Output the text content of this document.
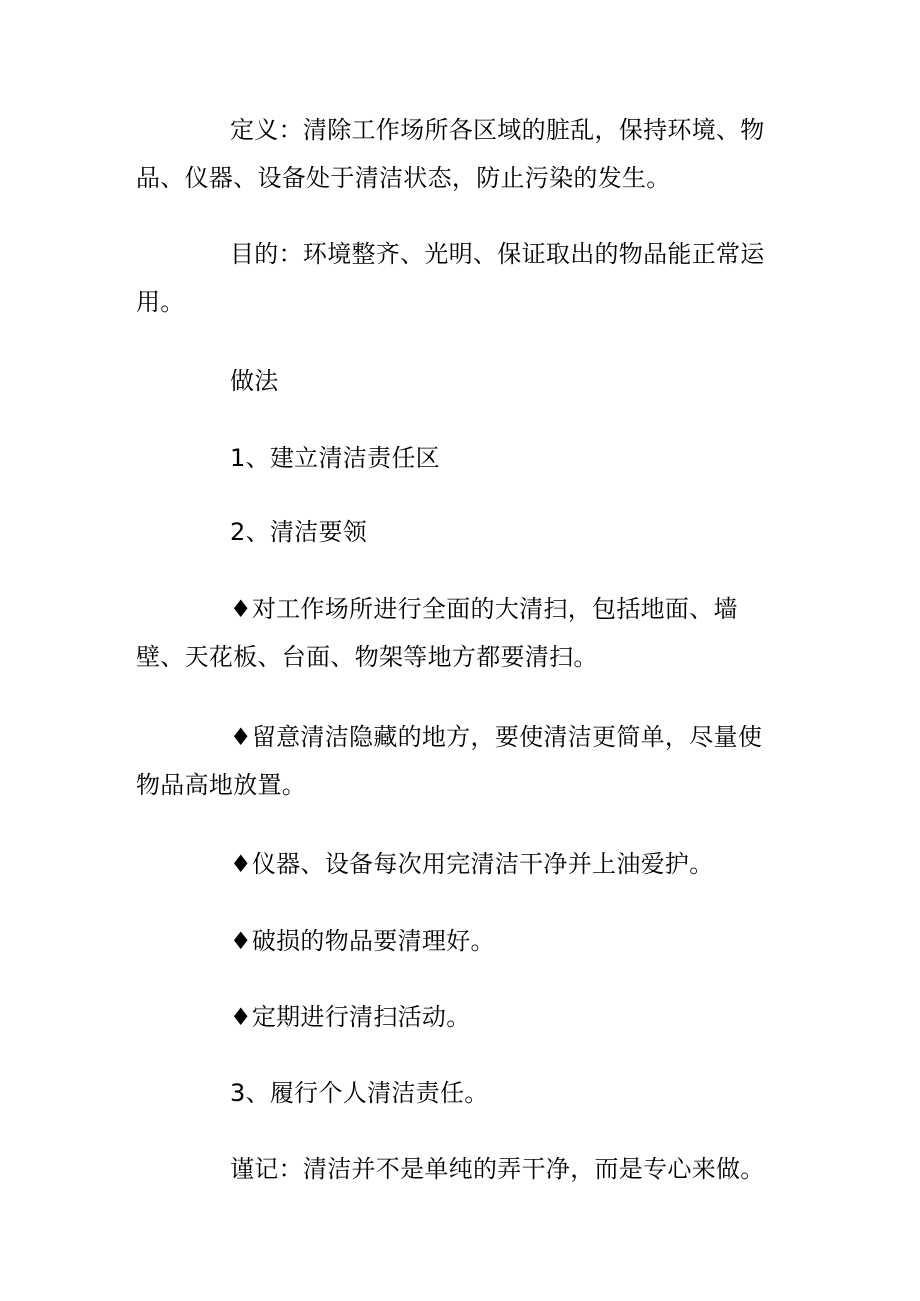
定义：清除工作场所各区域的脏乱，保持环境、物品、仪器、设备处于清洁状态，防止污染的发生。

目的：环境整齐、光明、保证取出的物品能正常运用。

做法

1、建立清洁责任区

2、清洁要领

♦对工作场所进行全面的大清扫，包括地面、墙壁、天花板、台面、物架等地方都要清扫。

♦留意清洁隐藏的地方，要使清洁更简单，尽量使物品高地放置。

♦仪器、设备每次用完清洁干净并上油爱护。

♦破损的物品要清理好。

♦定期进行清扫活动。

3、履行个人清洁责任。

谨记：清洁并不是单纯的弄干净，而是专心来做。
